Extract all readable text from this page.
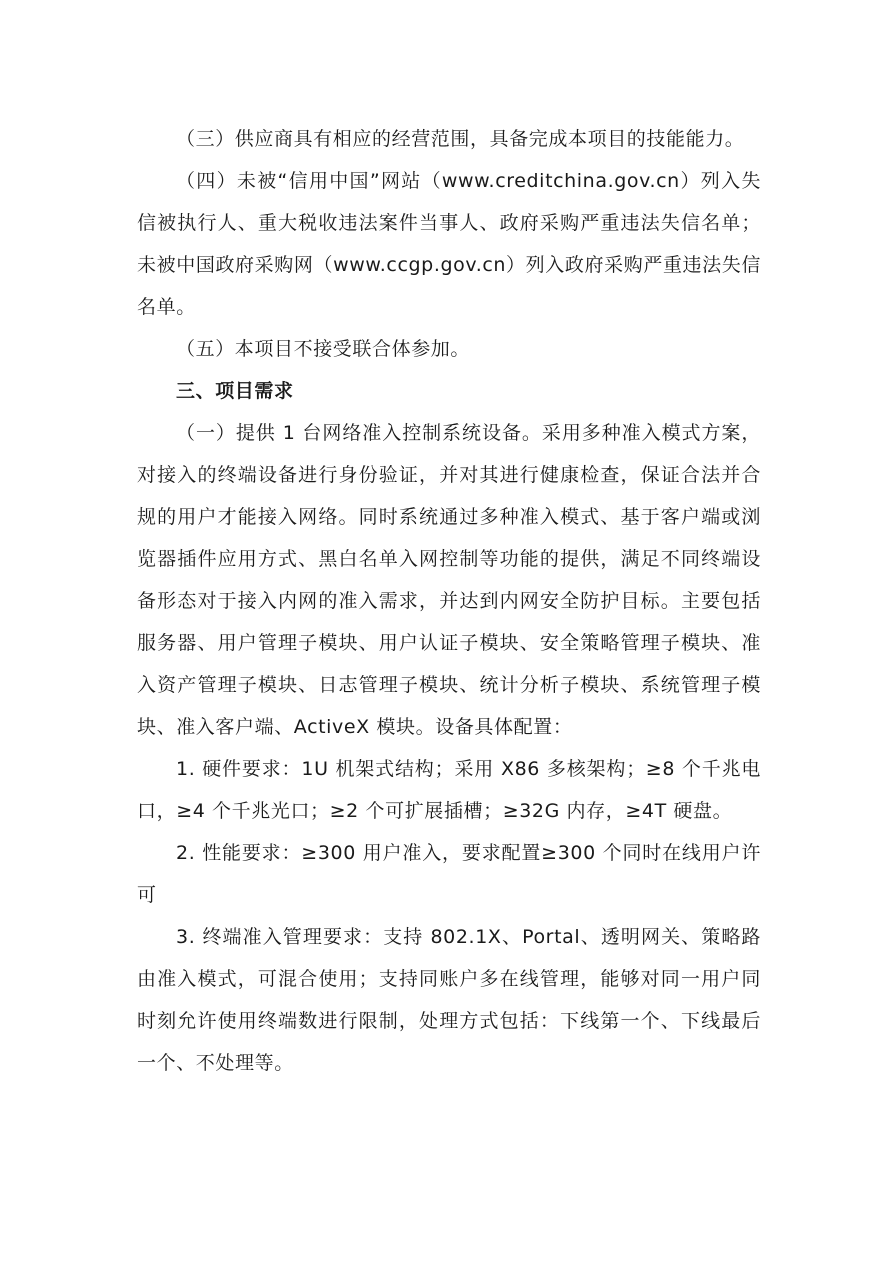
（三）供应商具有相应的经营范围，具备完成本项目的技能能力。

（四）未被“信用中国”网站（www.creditchina.gov.cn）列入失信被执行人、重大税收违法案件当事人、政府采购严重违法失信名单；未被中国政府采购网（www.ccgp.gov.cn）列入政府采购严重违法失信名单。

（五）本项目不接受联合体参加。

三、项目需求

（一）提供 1 台网络准入控制系统设备。采用多种准入模式方案，对接入的终端设备进行身份验证，并对其进行健康检查，保证合法并合规的用户才能接入网络。同时系统通过多种准入模式、基于客户端或浏览器插件应用方式、黑白名单入网控制等功能的提供，满足不同终端设备形态对于接入内网的准入需求，并达到内网安全防护目标。主要包括服务器、用户管理子模块、用户认证子模块、安全策略管理子模块、准入资产管理子模块、日志管理子模块、统计分析子模块、系统管理子模块、准入客户端、ActiveX 模块。设备具体配置：

1. 硬件要求：1U 机架式结构；采用 X86 多核架构；≥8 个千兆电口，≥4 个千兆光口；≥2 个可扩展插槽；≥32G 内存，≥4T 硬盘。

2. 性能要求：≥300 用户准入，要求配置≥300 个同时在线用户许可

3. 终端准入管理要求：支持 802.1X、Portal、透明网关、策略路由准入模式，可混合使用；支持同账户多在线管理，能够对同一用户同时刻允许使用终端数进行限制，处理方式包括：下线第一个、下线最后一个、不处理等。
